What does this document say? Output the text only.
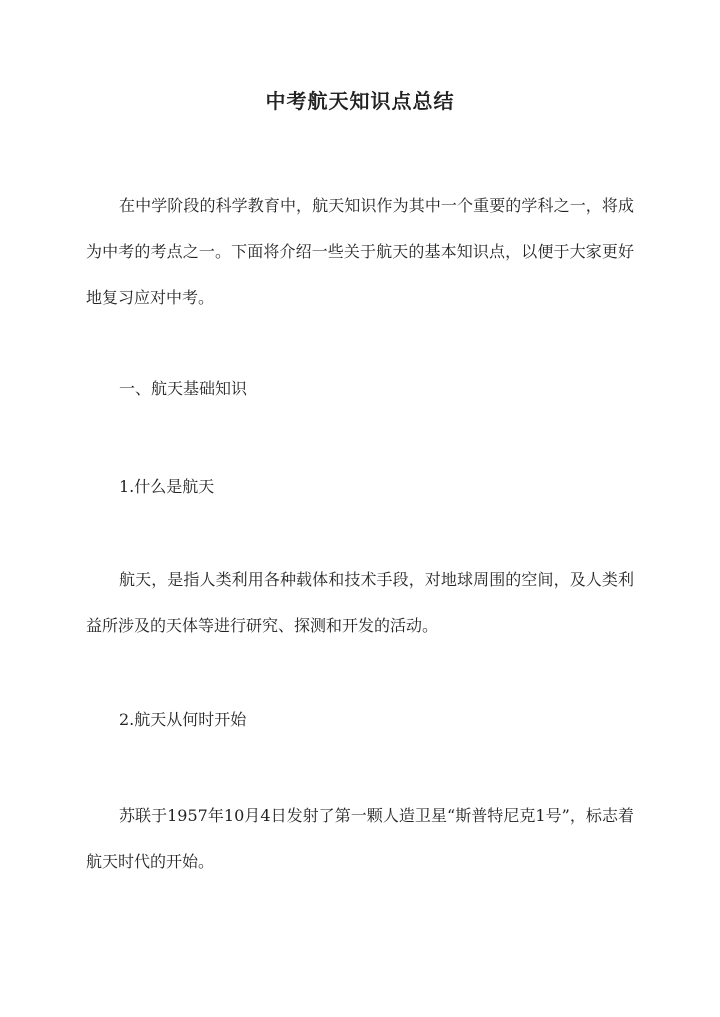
中考航天知识点总结

在中学阶段的科学教育中，航天知识作为其中一个重要的学科之一，将成为中考的考点之一。下面将介绍一些关于航天的基本知识点，以便于大家更好地复习应对中考。

一、航天基础知识

1.什么是航天

航天，是指人类利用各种载体和技术手段，对地球周围的空间，及人类利益所涉及的天体等进行研究、探测和开发的活动。

2.航天从何时开始

苏联于1957年10月4日发射了第一颗人造卫星“斯普特尼克1号”，标志着航天时代的开始。
